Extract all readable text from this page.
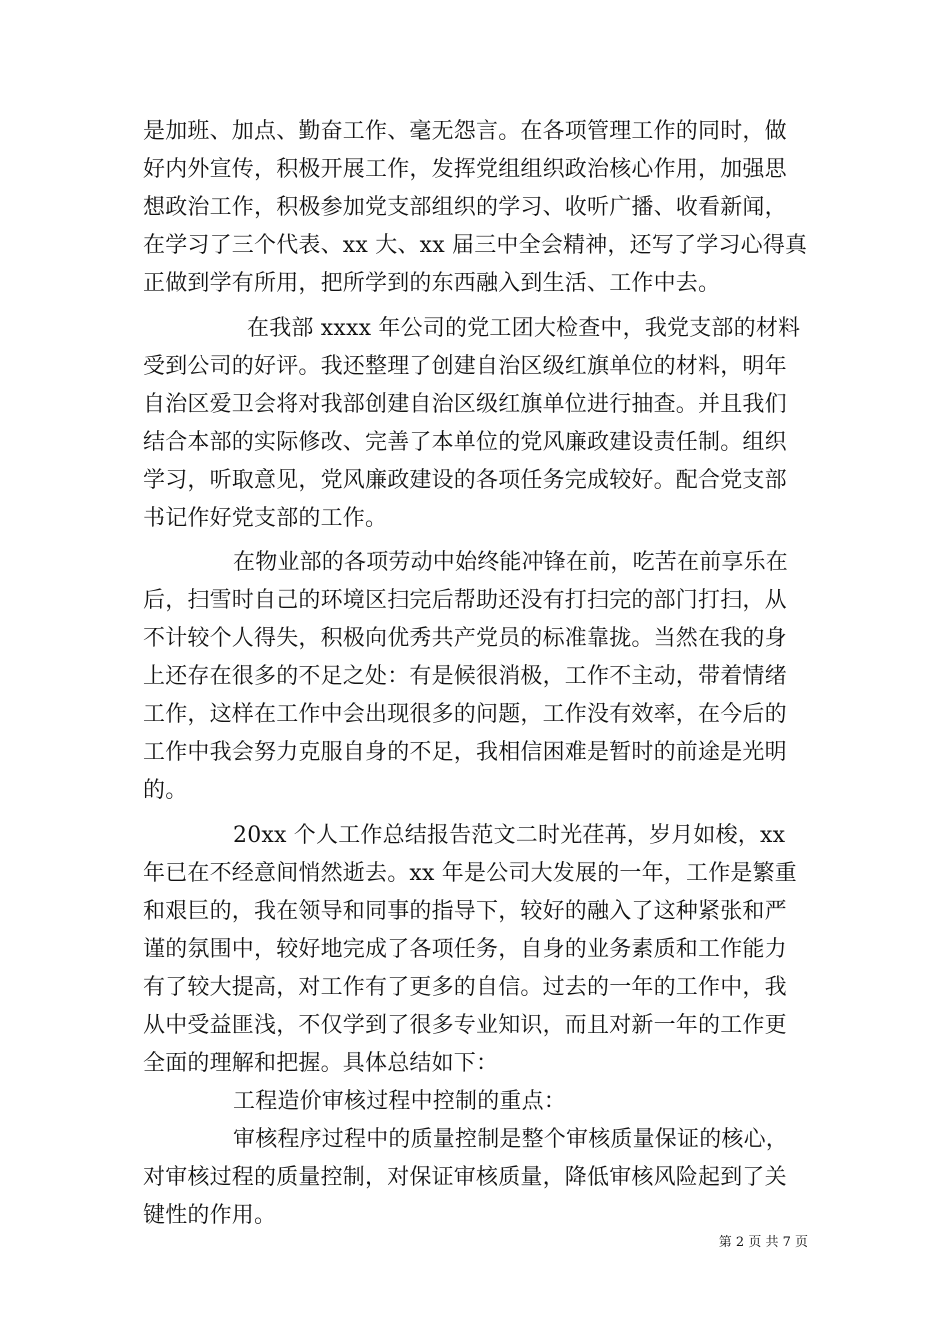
是加班、加点、勤奋工作、毫无怨言。在各项管理工作的同时，做
好内外宣传，积极开展工作，发挥党组组织政治核心作用，加强思
想政治工作，积极参加党支部组织的学习、收听广播、收看新闻，
在学习了三个代表、xx 大、xx 届三中全会精神，还写了学习心得真
正做到学有所用，把所学到的东西融入到生活、工作中去。
在我部 xxxx 年公司的党工团大检查中，我党支部的材料
受到公司的好评。我还整理了创建自治区级红旗单位的材料，明年
自治区爱卫会将对我部创建自治区级红旗单位进行抽查。并且我们
结合本部的实际修改、完善了本单位的党风廉政建设责任制。组织
学习，听取意见，党风廉政建设的各项任务完成较好。配合党支部
书记作好党支部的工作。
在物业部的各项劳动中始终能冲锋在前，吃苦在前享乐在
后，扫雪时自己的环境区扫完后帮助还没有打扫完的部门打扫，从
不计较个人得失，积极向优秀共产党员的标准靠拢。当然在我的身
上还存在很多的不足之处：有是候很消极，工作不主动，带着情绪
工作，这样在工作中会出现很多的问题，工作没有效率，在今后的
工作中我会努力克服自身的不足，我相信困难是暂时的前途是光明
的。
20xx 个人工作总结报告范文二时光荏苒，岁月如梭，xx
年已在不经意间悄然逝去。xx 年是公司大发展的一年，工作是繁重
和艰巨的，我在领导和同事的指导下，较好的融入了这种紧张和严
谨的氛围中，较好地完成了各项任务，自身的业务素质和工作能力
有了较大提高，对工作有了更多的自信。过去的一年的工作中，我
从中受益匪浅，不仅学到了很多专业知识，而且对新一年的工作更
全面的理解和把握。具体总结如下：
工程造价审核过程中控制的重点：
审核程序过程中的质量控制是整个审核质量保证的核心，
对审核过程的质量控制，对保证审核质量，降低审核风险起到了关
键性的作用。
第 2 页 共 7 页
